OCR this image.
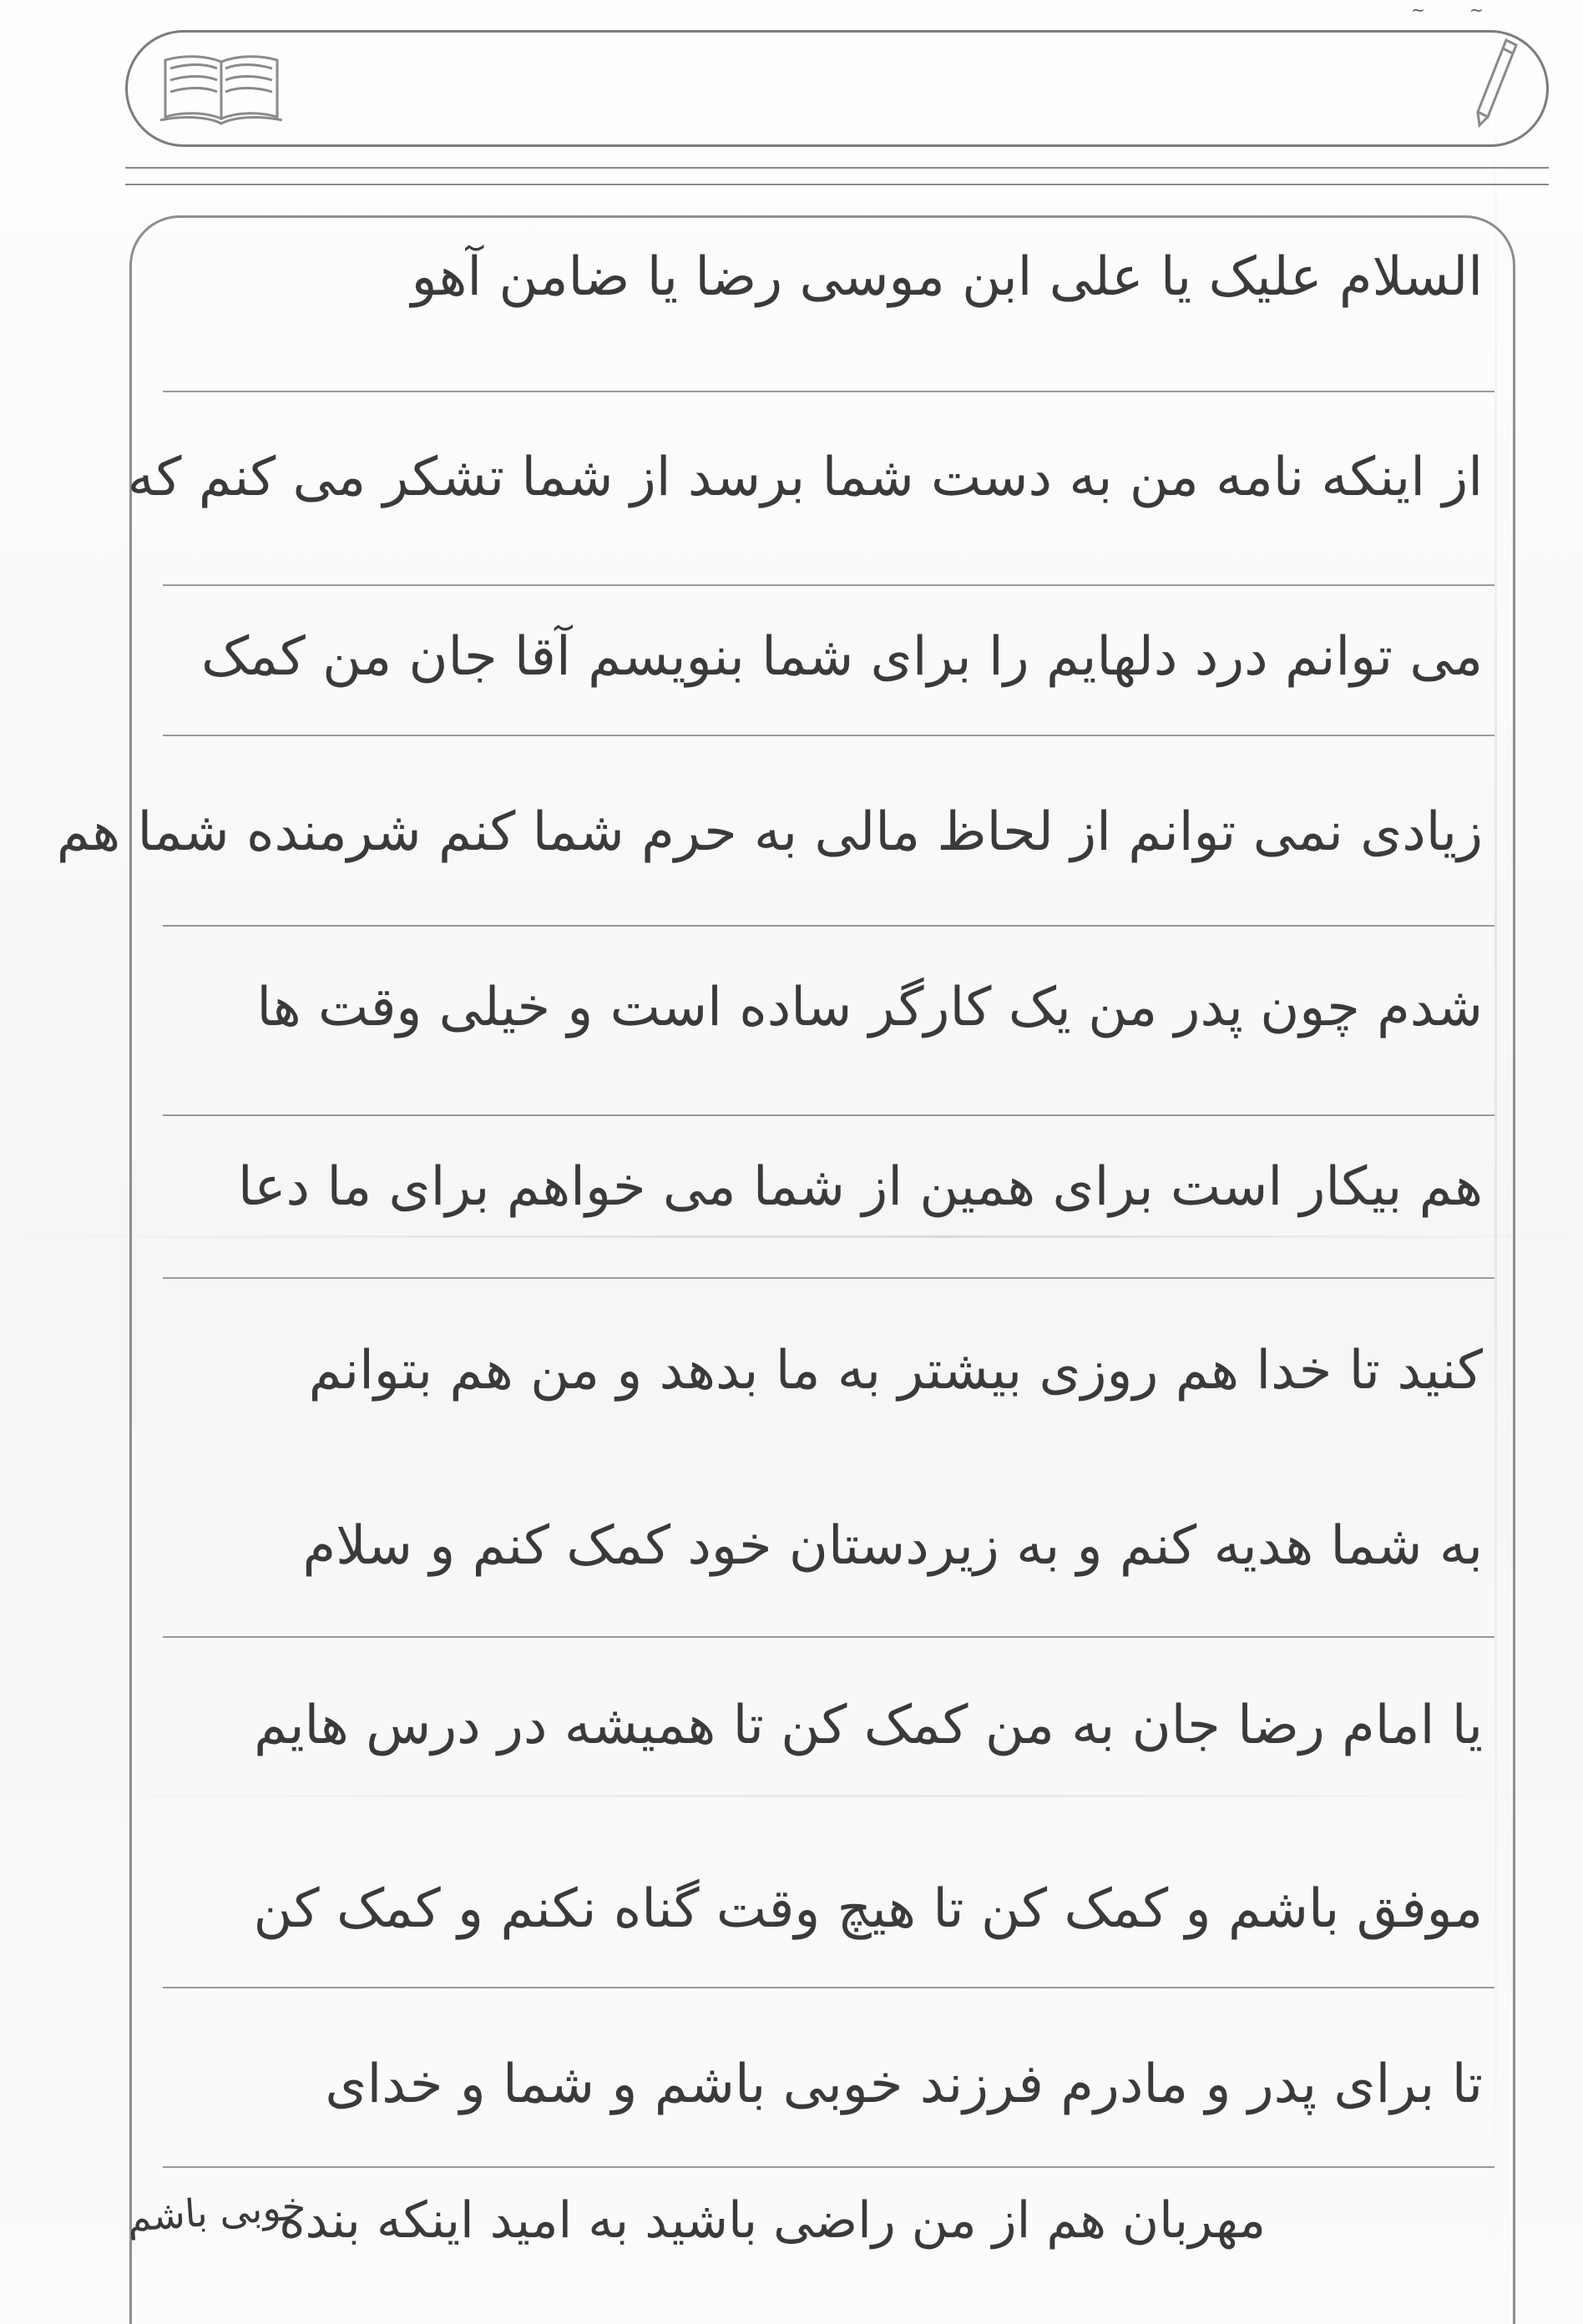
~	~
السلام علیک یا علی ابن موسی رضا یا ضامن آهو
از اینکه نامه من به دست شما برسد از شما تشکر می کنم که
می توانم درد دلهایم را برای شما بنویسم آقا جان من کمک
زیادی نمی توانم از لحاظ مالی به حرم شما کنم شرمنده شما هم
شدم چون پدر من یک کارگر ساده است و خیلی وقت ها
هم بیکار است برای همین از شما می خواهم برای ما دعا
کنید تا خدا هم روزی بیشتر به ما بدهد و من هم بتوانم
به شما هدیه کنم و به زیردستان خود کمک کنم و سلام
یا امام رضا جان به من کمک کن تا همیشه در درس هایم
موفق باشم و کمک کن تا هیچ وقت گناه نکنم و کمک کن
تا برای پدر و مادرم فرزند خوبی باشم و شما و خدای
مهربان هم از من راضی باشید به امید اینکه بنده
خوبی باشم
